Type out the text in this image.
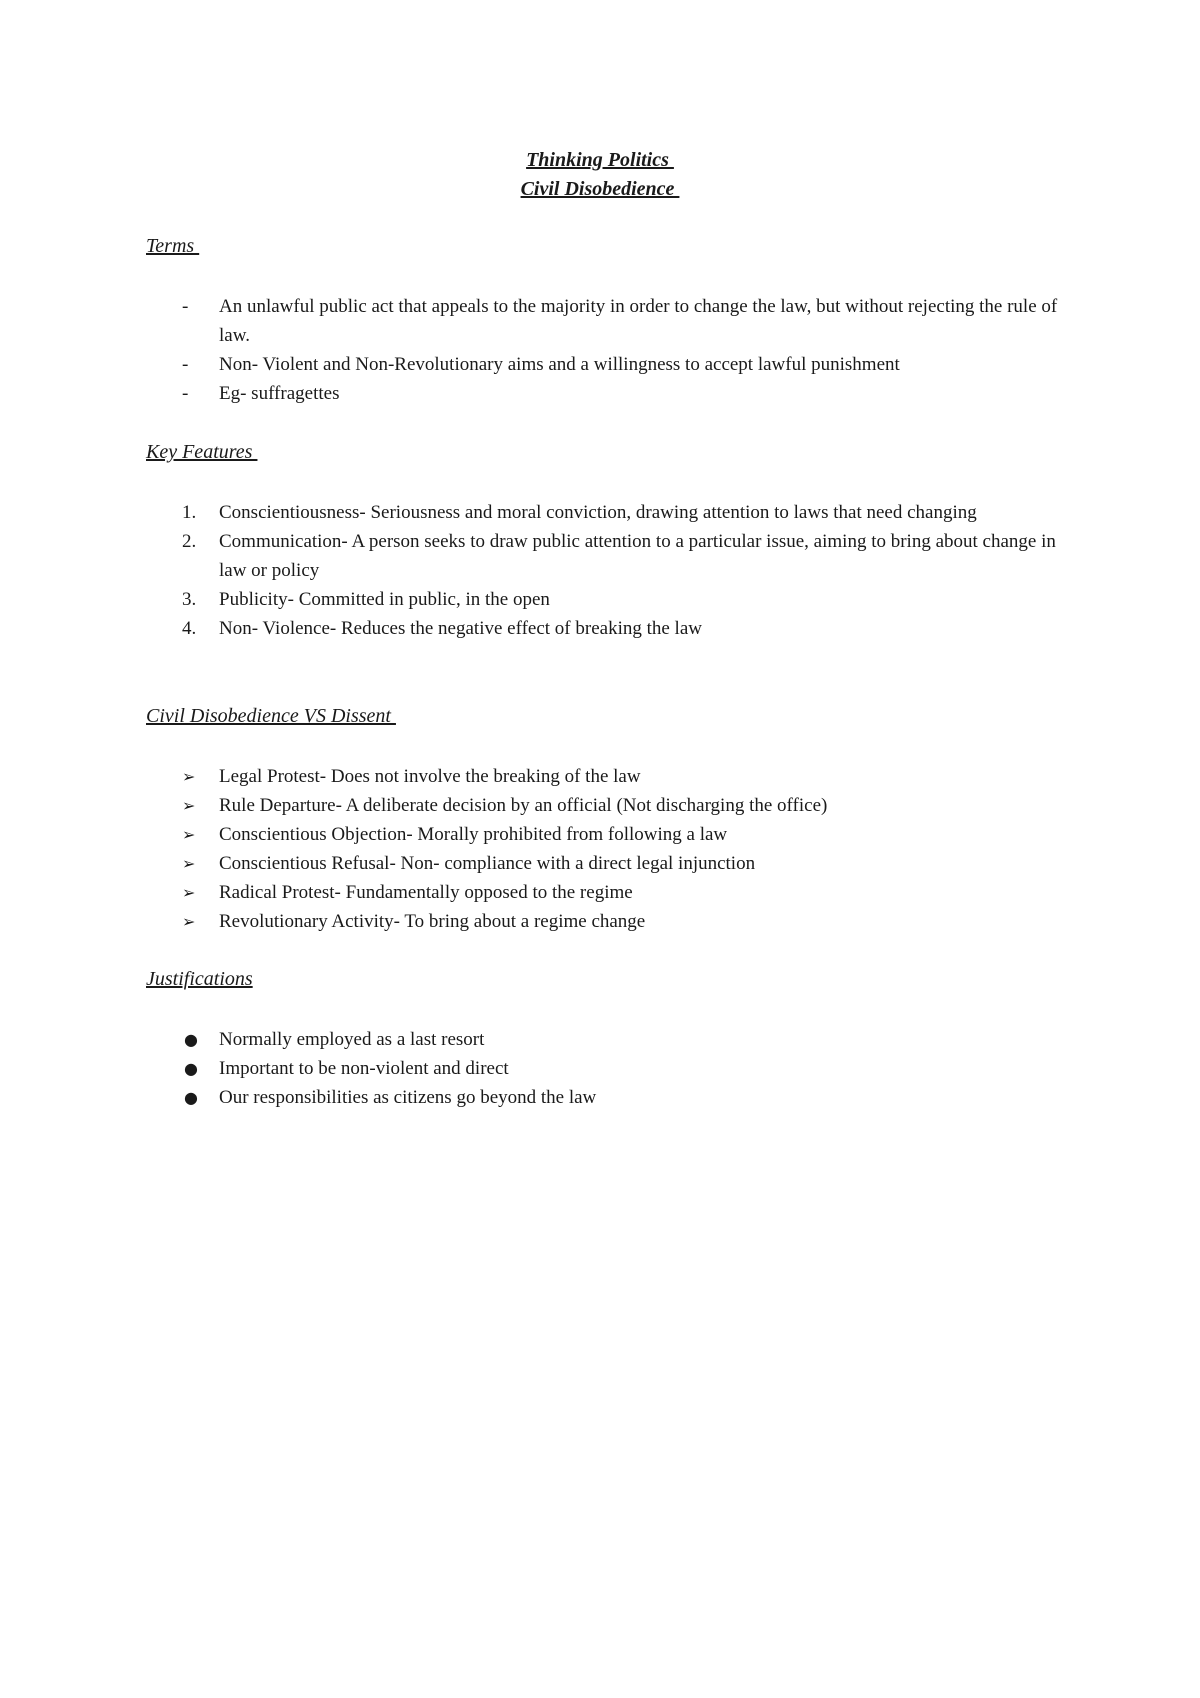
Thinking Politics
Civil Disobedience
Terms
- An unlawful public act that appeals to the majority in order to change the law, but without rejecting the rule of law.
- Non- Violent and Non-Revolutionary aims and a willingness to accept lawful punishment
- Eg- suffragettes
Key Features
1. Conscientiousness- Seriousness and moral conviction, drawing attention to laws that need changing
2. Communication- A person seeks to draw public attention to a particular issue, aiming to bring about change in law or policy
3. Publicity- Committed in public, in the open
4. Non- Violence- Reduces the negative effect of breaking the law
Civil Disobedience VS Dissent
➢ Legal Protest- Does not involve the breaking of the law
➢ Rule Departure- A deliberate decision by an official (Not discharging the office)
➢ Conscientious Objection- Morally prohibited from following a law
➢ Conscientious Refusal- Non- compliance with a direct legal injunction
➢ Radical Protest- Fundamentally opposed to the regime
➢ Revolutionary Activity- To bring about a regime change
Justifications
● Normally employed as a last resort
● Important to be non-violent and direct
● Our responsibilities as citizens go beyond the law
